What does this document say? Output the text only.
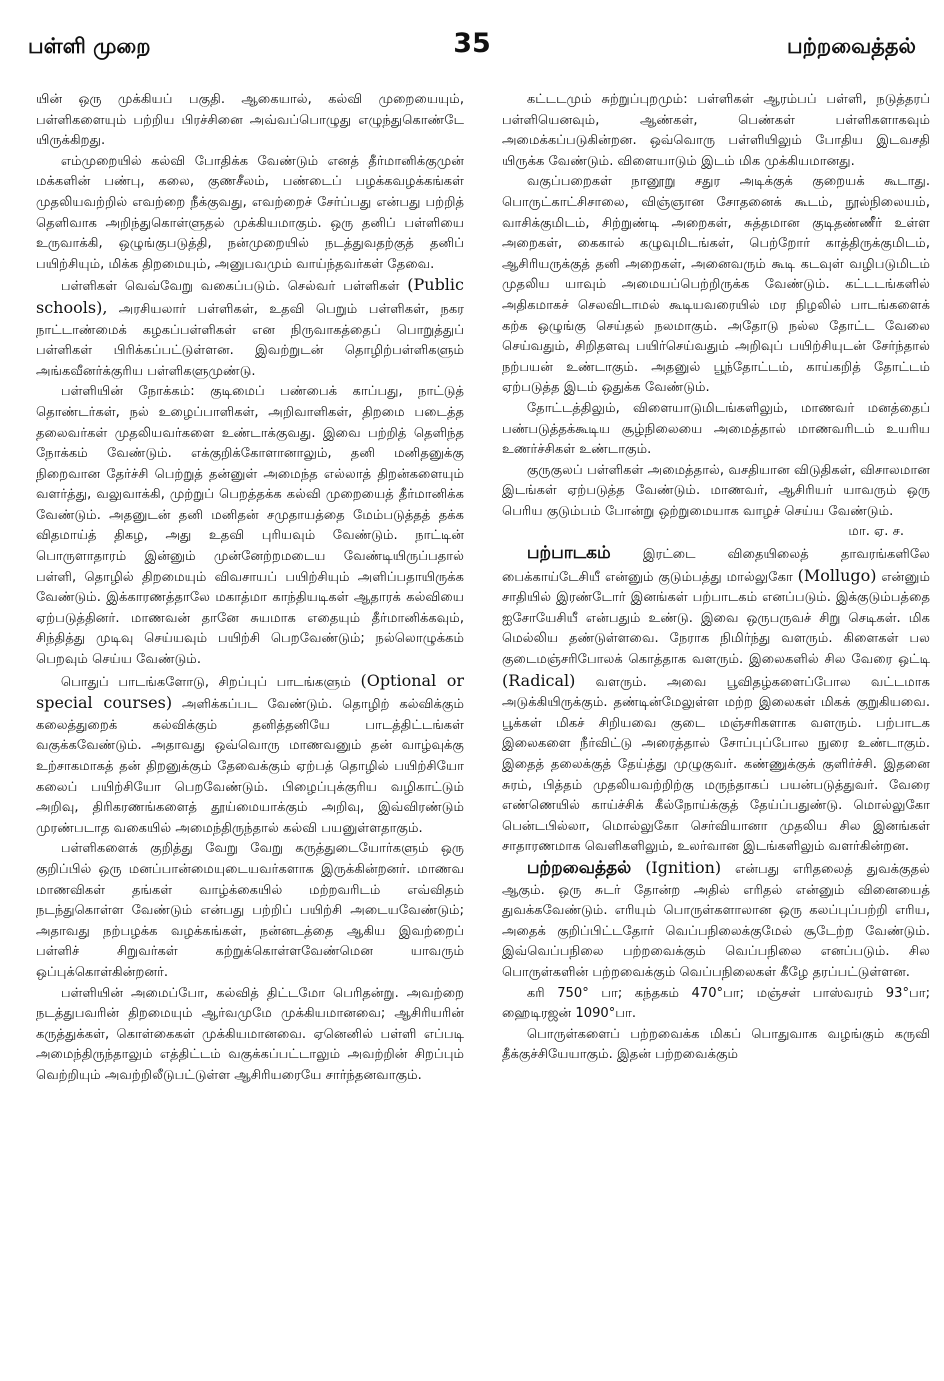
பள்ளி முறை	35	பற்றவைத்தல்

யின் ஒரு முக்கியப் பகுதி. ஆகையால், கல்வி முறையையும், பள்ளிகளையும் பற்றிய பிரச்சினை அவ்வப்பொழுது எழுந்துகொண்டே யிருக்கிறது.

எம்முறையில் கல்வி போதிக்க வேண்டும் எனத் தீர்மானிக்குமுன் மக்களின் பண்பு, கலை, குணசீலம், பண்டைப் பழக்கவழக்கங்கள் முதலியவற்றில் எவற்றை நீக்குவது, எவற்றைச் சேர்ப்பது என்பது பற்றித் தெளிவாக அறிந்துகொள்ளுதல் முக்கியமாகும். ஒரு தனிப் பள்ளியை உருவாக்கி, ஒழுங்குபடுத்தி, நன்முறையில் நடத்துவதற்குத் தனிப் பயிற்சியும், மிக்க திறமையும், அனுபவமும் வாய்ந்தவர்கள் தேவை.

பள்ளிகள் வெவ்வேறு வகைப்படும். செல்வர் பள்ளிகள் (Public schools), அரசியலார் பள்ளிகள், உதவி பெறும் பள்ளிகள், நகர நாட்டாண்மைக் கழகப்பள்ளிகள் என நிருவாகத்தைப் பொறுத்துப் பள்ளிகள் பிரிக்கப்பட்டுள்ளன. இவற்றுடன் தொழிற்பள்ளிகளும் அங்கவீனர்க்குரிய பள்ளிகளுமுண்டு.

பள்ளியின் நோக்கம்: குடிமைப் பண்பைக் காப்பது, நாட்டுத் தொண்டர்கள், நல் உழைப்பாளிகள், அறிவாளிகள், திறமை படைத்த தலைவர்கள் முதலியவர்களை உண்டாக்குவது. இவை பற்றித் தெளிந்த நோக்கம் வேண்டும். எக்குறிக்கோளானாலும், தனி மனிதனுக்கு நிறைவான தேர்ச்சி பெற்றுத் தன்னுள் அமைந்த எல்லாத் திறன்களையும் வளர்த்து, வலுவாக்கி, முற்றுப் பெறத்தக்க கல்வி முறையைத் தீர்மானிக்க வேண்டும். அதனுடன் தனி மனிதன் சமுதாயத்தை மேம்படுத்தத் தக்க விதமாய்த் திகழ, அது உதவி புரியவும் வேண்டும். நாட்டின் பொருளாதாரம் இன்னும் முன்னேற்றமடைய வேண்டியிருப்பதால் பள்ளி, தொழில் திறமையும் விவசாயப் பயிற்சியும் அளிப்பதாயிருக்க வேண்டும். இக்காரணத்தாலே மகாத்மா காந்தியடிகள் ஆதாரக் கல்வியை ஏற்படுத்தினர். மாணவன் தானே சுயமாக எதையும் தீர்மானிக்கவும், சிந்தித்து முடிவு செய்யவும் பயிற்சி பெறவேண்டும்; நல்லொழுக்கம் பெறவும் செய்ய வேண்டும்.

பொதுப் பாடங்களோடு, சிறப்புப் பாடங்களும் (Optional or special courses) அளிக்கப்பட வேண்டும். தொழிற் கல்விக்கும் கலைத்துறைக் கல்விக்கும் தனித்தனியே பாடத்திட்டங்கள் வகுக்கவேண்டும். அதாவது ஒவ்வொரு மாணவனும் தன் வாழ்வுக்கு உற்சாகமாகத் தன் திறனுக்கும் தேவைக்கும் ஏற்பத் தொழில் பயிற்சியோ கலைப் பயிற்சியோ பெறவேண்டும். பிழைப்புக்குரிய வழிகாட்டும் அறிவு, திரிகரணங்களைத் தூய்மையாக்கும் அறிவு, இவ்விரண்டும் முரண்படாத வகையில் அமைந்திருந்தால் கல்வி பயனுள்ளதாகும்.

பள்ளிகளைக் குறித்து வேறு வேறு கருத்துடையோர்களும் ஒரு குறிப்பில் ஒரு மனப்பான்மையுடையவர்களாக இருக்கின்றனர். மாணவ மாணவிகள் தங்கள் வாழ்க்கையில் மற்றவரிடம் எவ்விதம் நடந்துகொள்ள வேண்டும் என்பது பற்றிப் பயிற்சி அடையவேண்டும்; அதாவது நற்பழக்க வழக்கங்கள், நன்னடத்தை ஆகிய இவற்றைப் பள்ளிச் சிறுவர்கள் கற்றுக்கொள்ளவேண்மென யாவரும் ஒப்புக்கொள்கின்றனர்.

பள்ளியின் அமைப்போ, கல்வித் திட்டமோ பெரிதன்று. அவற்றை நடத்துபவரின் திறமையும் ஆர்வமுமே முக்கியமானவை; ஆசிரியரின் கருத்துக்கள், கொள்கைகள் முக்கியமானவை. ஏனெனில் பள்ளி எப்படி அமைந்திருந்தாலும் எத்திட்டம் வகுக்கப்பட்டாலும் அவற்றின் சிறப்பும் வெற்றியும் அவற்றிலீடுபட்டுள்ள ஆசிரியரையே சார்ந்தனவாகும்.

கட்டடமும் சுற்றுப்புறமும்: பள்ளிகள் ஆரம்பப் பள்ளி, நடுத்தரப் பள்ளியெனவும், ஆண்கள், பெண்கள் பள்ளிகளாகவும் அமைக்கப்படுகின்றன. ஒவ்வொரு பள்ளியிலும் போதிய இடவசதி யிருக்க வேண்டும். விளையாடும் இடம் மிக முக்கியமானது.

வகுப்பறைகள் நானூறு சதுர அடிக்குக் குறையக் கூடாது. பொருட்காட்சிசாலை, விஞ்ஞான சோதனைக் கூடம், நூல்நிலையம், வாசிக்குமிடம், சிற்றுண்டி அறைகள், சுத்தமான குடிதண்ணீர் உள்ள அறைகள், கைகால் கழுவுமிடங்கள், பெற்றோர் காத்திருக்குமிடம், ஆசிரியருக்குத் தனி அறைகள், அனைவரும் கூடி கடவுள் வழிபடுமிடம் முதலிய யாவும் அமையப்பெற்றிருக்க வேண்டும். கட்டடங்களில் அதிகமாகச் செலவிடாமல் கூடியவரையில் மர நிழலில் பாடங்களைக் கற்க ஒழுங்கு செய்தல் நலமாகும். அதோடு நல்ல தோட்ட வேலை செய்வதும், சிறிதளவு பயிர்செய்வதும் அறிவுப் பயிற்சியுடன் சேர்ந்தால் நற்பயன் உண்டாகும். அதனுல் பூந்தோட்டம், காய்கறித் தோட்டம் ஏற்படுத்த இடம் ஒதுக்க வேண்டும்.

தோட்டத்திலும், விளையாடுமிடங்களிலும், மாணவர் மனத்தைப் பண்படுத்தக்கூடிய சூழ்நிலையை அமைத்தால் மாணவரிடம் உயரிய உணர்ச்சிகள் உண்டாகும்.

குருகுலப் பள்ளிகள் அமைத்தால், வசதியான விடுதிகள், விசாலமான இடங்கள் ஏற்படுத்த வேண்டும். மாணவர், ஆசிரியர் யாவரும் ஒரு பெரிய குடும்பம் போன்று ஒற்றுமையாக வாழச் செய்ய வேண்டும்.

மா. ஏ. ச.

பற்பாடகம் இரட்டை விதையிலைத் தாவரங்களிலே பைக்காய்டேசியீ என்னும் குடும்பத்து மால்லுகோ (Mollugo) என்னும் சாதியில் இரண்டோர் இனங்கள் பற்பாடகம் எனப்படும். இக்குடும்பத்தை ஐசோயேசியீ என்பதும் உண்டு. இவை ஒருபருவச் சிறு செடிகள். மிக மெல்லிய தண்டுள்ளவை. நேராக நிமிர்ந்து வளரும். கிளைகள் பல குடைமஞ்சரிபோலக் கொத்தாக வளரும். இலைகளில் சில வேரை ஒட்டி (Radical) வளரும். அவை பூவிதழ்களைப்போல வட்டமாக அடுக்கியிருக்கும். தண்டின்மேலுள்ள மற்ற இலைகள் மிகக் குறுகியவை. பூக்கள் மிகச் சிறியவை குடை மஞ்சரிகளாக வளரும். பற்பாடக இலைகளை நீர்விட்டு அரைத்தால் சோப்புப்போல நுரை உண்டாகும். இதைத் தலைக்குத் தேய்த்து முழுகுவர். கண்ணுக்குக் குளிர்ச்சி. இதனை சுரம், பித்தம் முதலியவற்றிற்கு மருந்தாகப் பயன்படுத்துவர். வேரை எண்ணெயில் காய்ச்சிக் கீல்நோய்க்குத் தேய்ப்பதுண்டு. மொல்லுகோ பென்டபில்லா, மொல்லுகோ செர்வியானா முதலிய சில இனங்கள் சாதாரணமாக வெளிகளிலும், உலர்வான இடங்களிலும் வளர்கின்றன.

பற்றவைத்தல் (Ignition) என்பது எரிதலைத் துவக்குதல் ஆகும். ஒரு சுடர் தோன்ற அதில் எரிதல் என்னும் வினையைத் துவக்கவேண்டும். எரியும் பொருள்களாலான ஒரு கலப்புப்பற்றி எரிய, அதைக் குறிப்பிட்டதோர் வெப்பநிலைக்குமேல் சூடேற்ற வேண்டும். இவ்வெப்பநிலை பற்றவைக்கும் வெப்பநிலை எனப்படும். சில பொருள்களின் பற்றவைக்கும் வெப்பநிலைகள் கீழே தரப்பட்டுள்ளன.

கரி 750° பா; கந்தகம் 470°பா; மஞ்சள் பாஸ்வரம் 93°பா; ஹைடிரஜன் 1090°பா.

பொருள்களைப் பற்றவைக்க மிகப் பொதுவாக வழங்கும் கருவி தீக்குச்சியேயாகும். இதன் பற்றவைக்கும்
